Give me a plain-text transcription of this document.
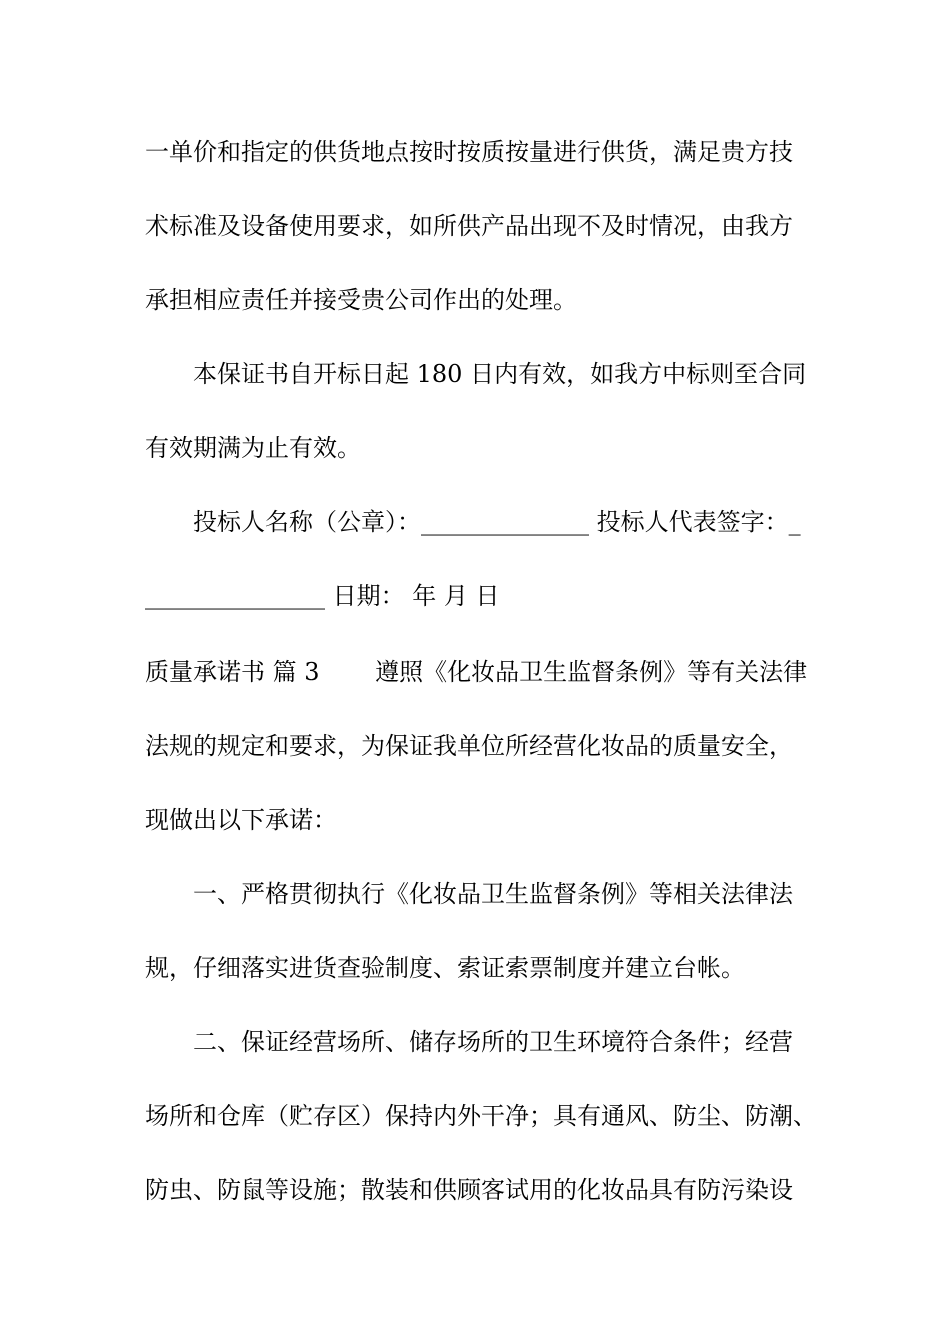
一单价和指定的供货地点按时按质按量进行供货，满足贵方技
术标准及设备使用要求，如所供产品出现不及时情况，由我方
承担相应责任并接受贵公司作出的处理。
本保证书自开标日起 180 日内有效，如我方中标则至合同
有效期满为止有效。
投标人名称（公章）：______________ 投标人代表签字：_
_______________ 日期： 年 月 日
质量承诺书 篇 3 　　遵照《化妆品卫生监督条例》等有关法律
法规的规定和要求，为保证我单位所经营化妆品的质量安全，
现做出以下承诺：
一、严格贯彻执行《化妆品卫生监督条例》等相关法律法
规，仔细落实进货查验制度、索证索票制度并建立台帐。
二、保证经营场所、储存场所的卫生环境符合条件；经营
场所和仓库（贮存区）保持内外干净；具有通风、防尘、防潮、
防虫、防鼠等设施；散装和供顾客试用的化妆品具有防污染设
